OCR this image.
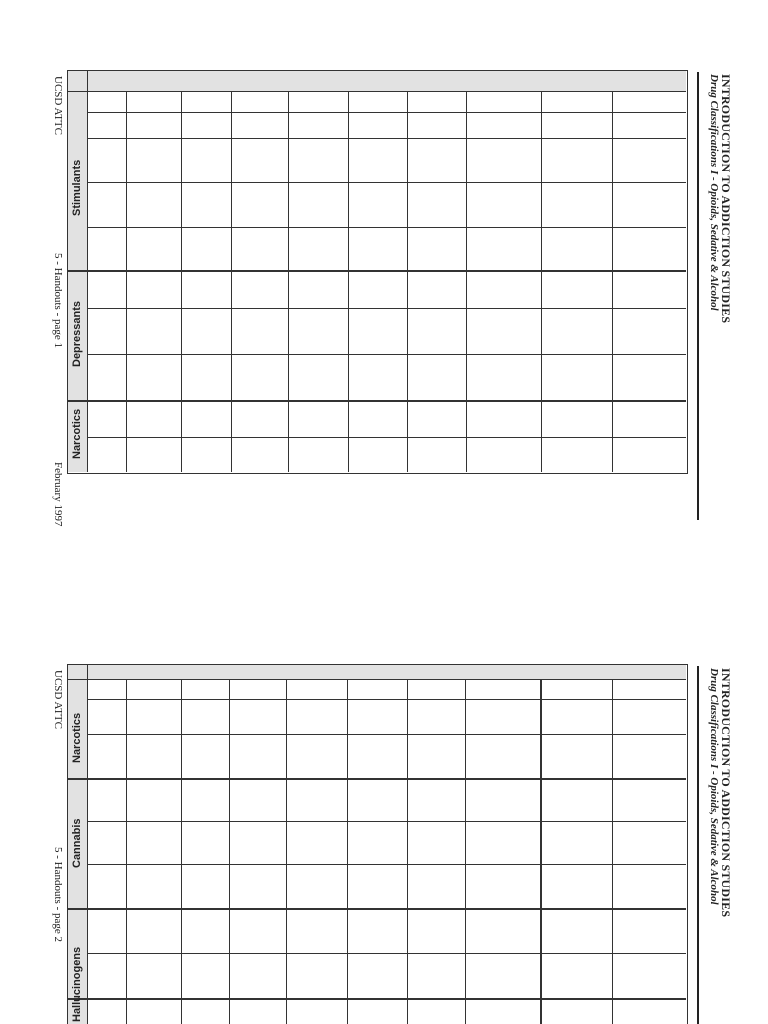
INTRODUCTION TO ADDICTION STUDIES
Drug Classifications I - Opioids, Sedative & Alcohol
UCSD ATTC
5 - Handouts - page 1
February 1997
Stimulants
Depressants
Narcotics
INTRODUCTION TO ADDICTION STUDIES
Drug Classifications I - Opioids, Sedative & Alcohol
UCSD ATTC
5 - Handouts - page 2
Narcotics
Cannabis
Hallucinogens
